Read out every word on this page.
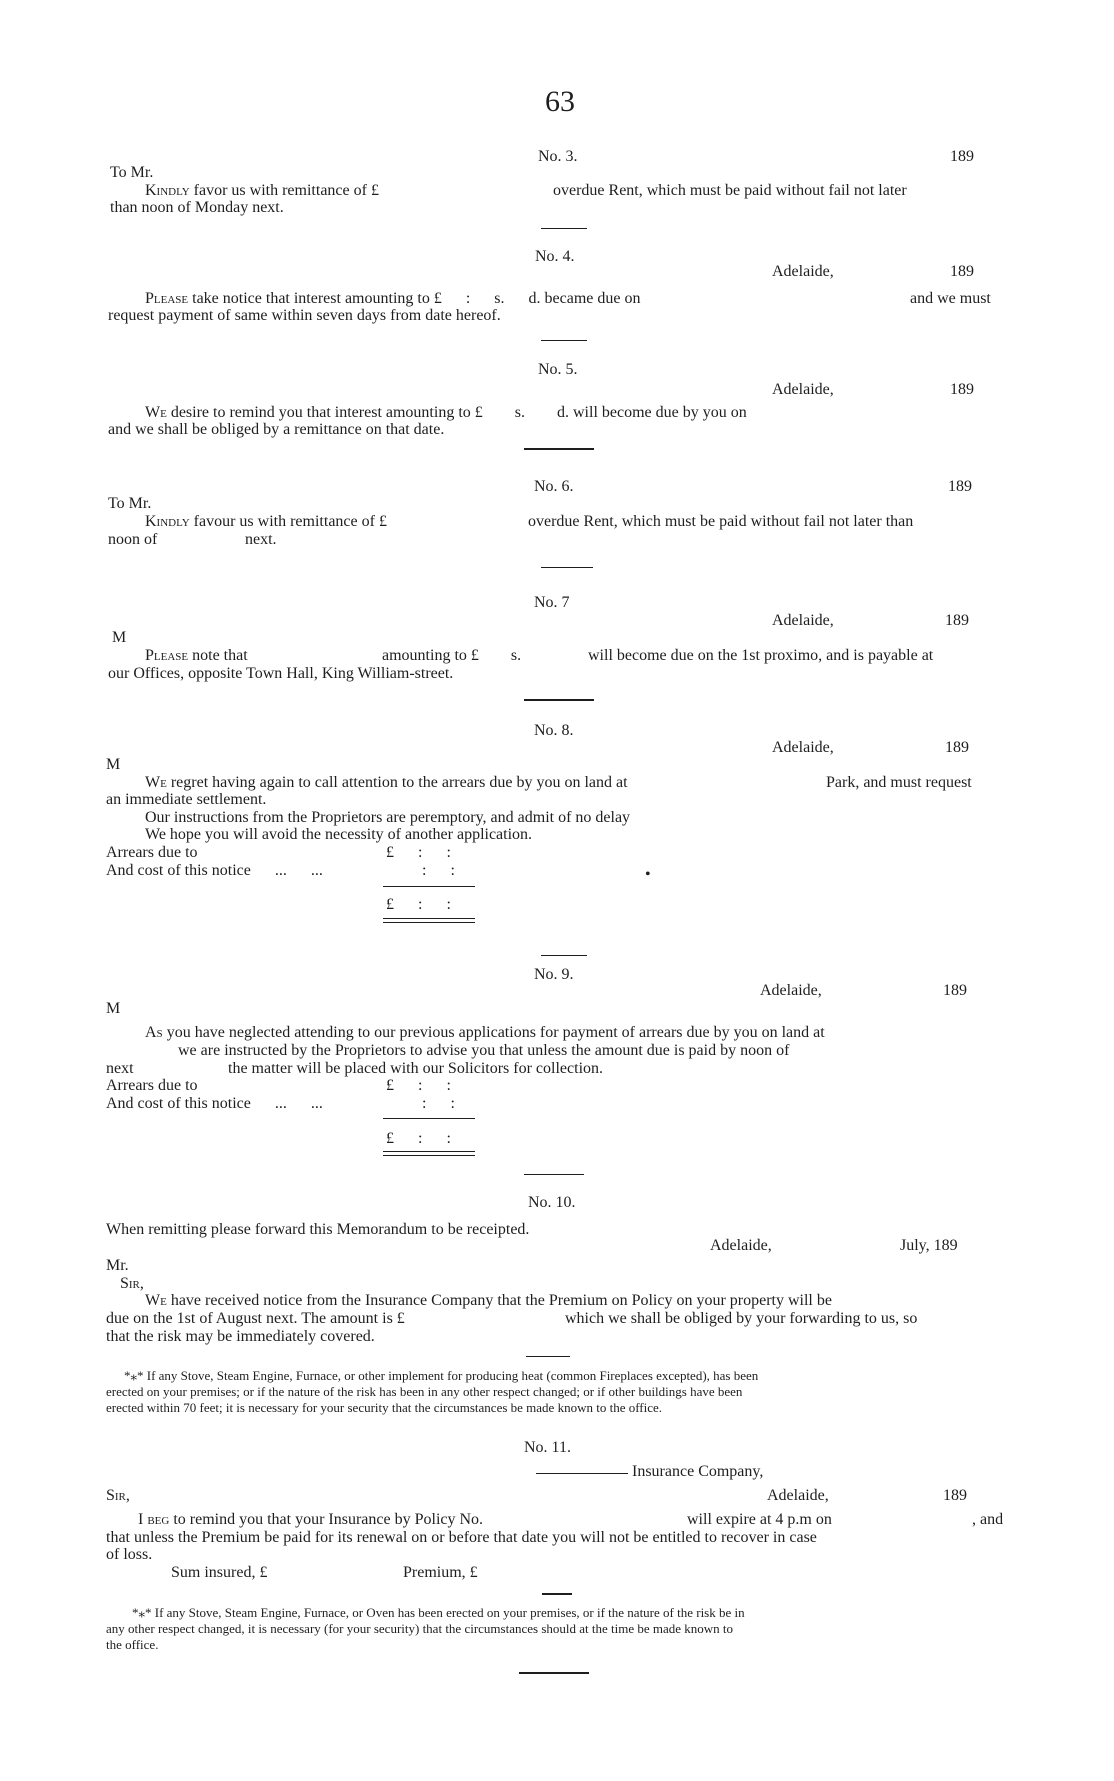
63
No. 3.	189
To Mr.
Kindly favor us with remittance of £	overdue Rent, which must be paid without fail not later
than noon of Monday next.
No. 4.
Adelaide,	189
Please take notice that interest amounting to £      :      s.      d. became due on	and we must
request payment of same within seven days from date hereof.
No. 5.
Adelaide,	189
We desire to remind you that interest amounting to £        s.        d. will become due by you on
and we shall be obliged by a remittance on that date.
No. 6.	189
To Mr.
Kindly favour us with remittance of £	overdue Rent, which must be paid without fail not later than
noon of	next.
No. 7
Adelaide,	189
M
Please note that	amounting to £        s.	will become due on the 1st proximo, and is payable at
our Offices, opposite Town Hall, King William-street.
No. 8.
Adelaide,	189
M
We regret having again to call attention to the arrears due by you on land at	Park, and must request
an immediate settlement.
Our instructions from the Proprietors are peremptory, and admit of no delay
We hope you will avoid the necessity of another application.
Arrears due to	£      :      :
And cost of this notice      ...      ...	:      :	•
£      :      :
No. 9.
Adelaide,	189
M
As you have neglected attending to our previous applications for payment of arrears due by you on land at
we are instructed by the Proprietors to advise you that unless the amount due is paid by noon of
next	the matter will be placed with our Solicitors for collection.
Arrears due to	£      :      :
And cost of this notice      ...      ...	:      :
£      :      :
No. 10.
When remitting please forward this Memorandum to be receipted.
Adelaide,	July, 189
Mr.
Sir,
We have received notice from the Insurance Company that the Premium on Policy on your property will be
due on the 1st of August next. The amount is £	which we shall be obliged by your forwarding to us, so
that the risk may be immediately covered.
*⁎* If any Stove, Steam Engine, Furnace, or other implement for producing heat (common Fireplaces excepted), has been
erected on your premises; or if the nature of the risk has been in any other respect changed; or if other buildings have been
erected within 70 feet; it is necessary for your security that the circumstances be made known to the office.
No. 11.
Insurance Company,
Adelaide,	189
Sir,
I beg to remind you that your Insurance by Policy No.	will expire at 4 p.m on	, and
that unless the Premium be paid for its renewal on or before that date you will not be entitled to recover in case
of loss.
Sum insured, £	Premium, £
*⁎* If any Stove, Steam Engine, Furnace, or Oven has been erected on your premises, or if the nature of the risk be in
any other respect changed, it is necessary (for your security) that the circumstances should at the time be made known to
the office.
